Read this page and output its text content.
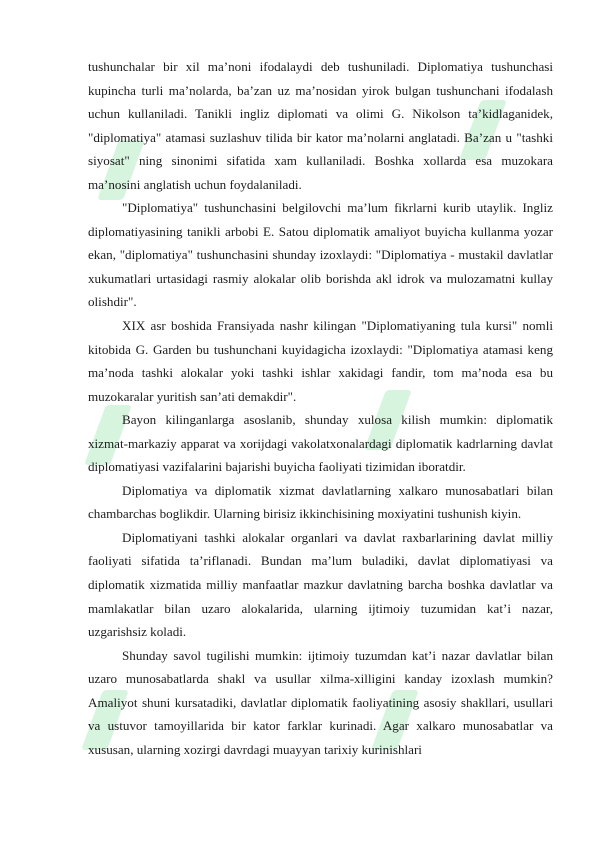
tushunchalar bir xil ma’noni ifodalaydi deb tushuniladi. Diplomatiya tushunchasi kupincha turli ma’nolarda, ba’zan uz ma’nosidan yirok bulgan tushunchani ifodalash uchun kullaniladi. Tanikli ingliz diplomati va olimi G. Nikolson ta’kidlaganidek, "diplomatiya" atamasi suzlashuv tilida bir kator ma’nolarni anglatadi. Ba’zan u "tashki siyosat" ning sinonimi sifatida xam kullaniladi. Boshka xollarda esa muzokara ma’nosini anglatish uchun foydalaniladi.

"Diplomatiya" tushunchasini belgilovchi ma’lum fikrlarni kurib utaylik. Ingliz diplomatiyasining tanikli arbobi E. Satou diplomatik amaliyot buyicha kullanma yozar ekan, "diplomatiya" tushunchasini shunday izoxlaydi: "Diplomatiya - mustakil davlatlar xukumatlari urtasidagi rasmiy alokalar olib borishda akl idrok va mulozamatni kullay olishdir".

XIX asr boshida Fransiyada nashr kilingan "Diplomatiyaning tula kursi" nomli kitobida G. Garden bu tushunchani kuyidagicha izoxlaydi: "Diplomatiya atamasi keng ma’noda tashki alokalar yoki tashki ishlar xakidagi fandir, tom ma’noda esa bu muzokaralar yuritish san’ati demakdir".

Bayon kilinganlarga asoslanib, shunday xulosa kilish mumkin: diplomatik xizmat-markaziy apparat va xorijdagi vakolatxonalardagi diplomatik kadrlarning davlat diplomatiyasi vazifalarini bajarishi buyicha faoliyati tizimidan iboratdir.

Diplomatiya va diplomatik xizmat davlatlarning xalkaro munosabatlari bilan chambarchas boglikdir. Ularning birisiz ikkinchisining moxiyatini tushunish kiyin.

Diplomatiyani tashki alokalar organlari va davlat raxbarlarining davlat milliy faoliyati sifatida ta’riflanadi. Bundan ma’lum buladiki, davlat diplomatiyasi va diplomatik xizmatida milliy manfaatlar mazkur davlatning barcha boshka davlatlar va mamlakatlar bilan uzaro alokalarida, ularning ijtimoiy tuzumidan kat’i nazar, uzgarishsiz koladi.

Shunday savol tugilishi mumkin: ijtimoiy tuzumdan kat’i nazar davlatlar bilan uzaro munosabatlarda shakl va usullar xilma-xilligini kanday izoxlash mumkin? Amaliyot shuni kursatadiki, davlatlar diplomatik faoliyatining asosiy shakllari, usullari va ustuvor tamoyillarida bir kator farklar kurinadi. Agar xalkaro munosabatlar va xususan, ularning xozirgi davrdagi muayyan tarixiy kurinishlari
